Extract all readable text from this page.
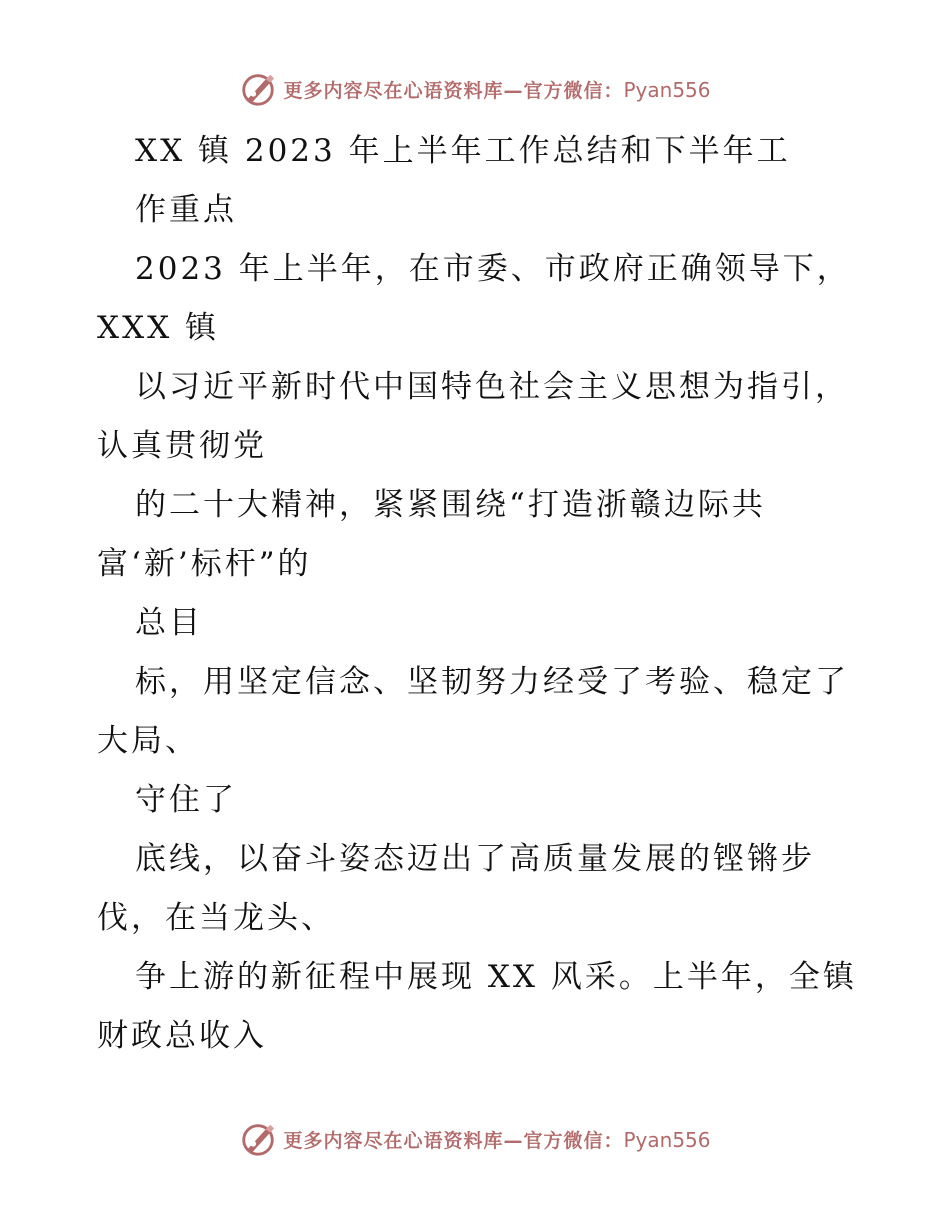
更多内容尽在心语资料库—官方微信：Pyan556
XX 镇 2023 年上半年工作总结和下半年工
作重点
2023 年上半年，在市委、市政府正确领导下，
XXX 镇
以习近平新时代中国特色社会主义思想为指引，
认真贯彻党
的二十大精神，紧紧围绕“打造浙赣边际共
富‘新’标杆”的
总目
标，用坚定信念、坚韧努力经受了考验、稳定了
大局、
守住了
底线，以奋斗姿态迈出了高质量发展的铿锵步
伐，在当龙头、
争上游的新征程中展现 XX 风采。上半年，全镇
财政总收入
更多内容尽在心语资料库—官方微信：Pyan556
